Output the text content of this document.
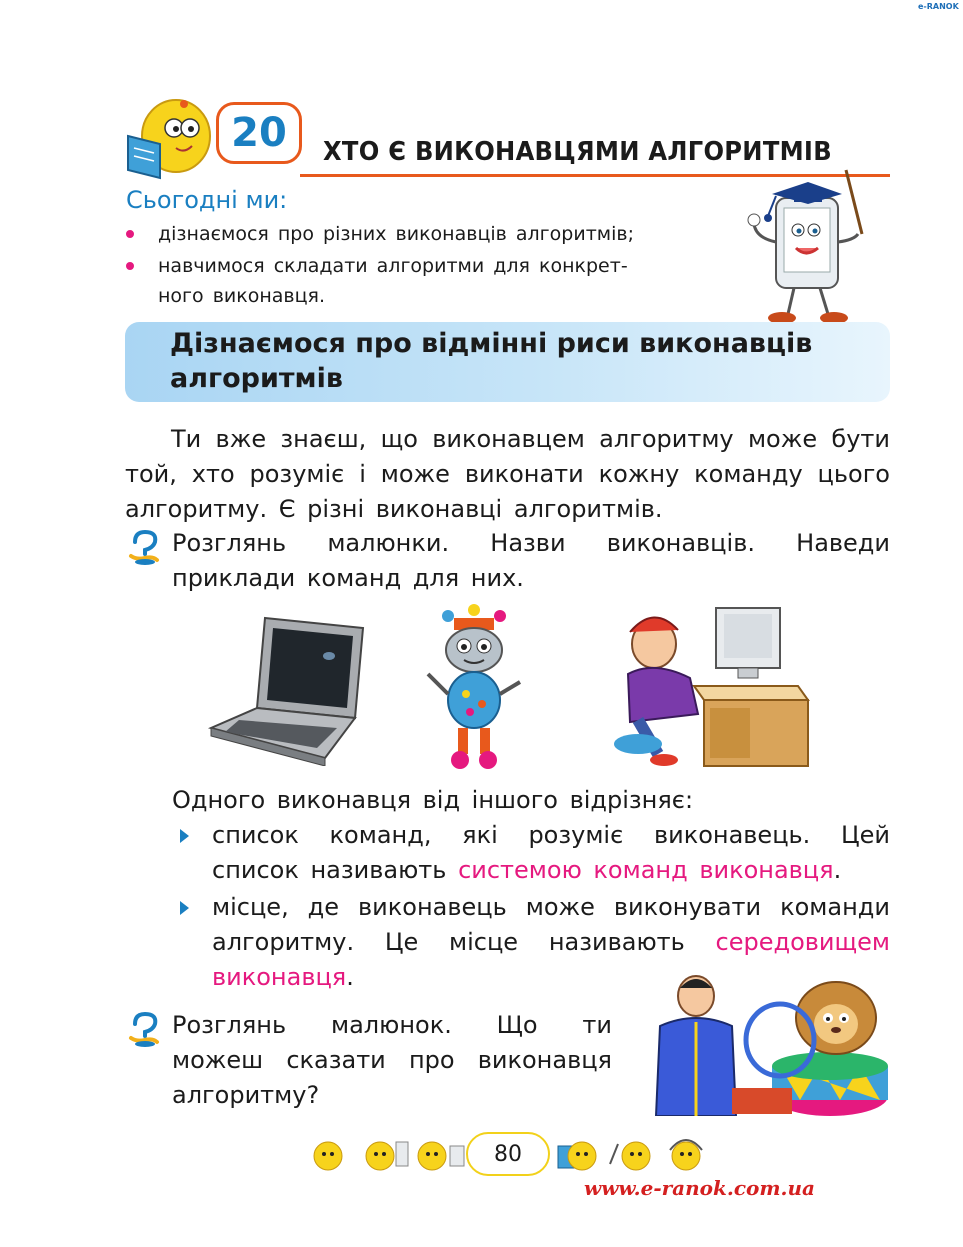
e-RANOK
20	ХТО Є ВИКОНАВЦЯМИ АЛГОРИТМІВ
Сьогодні ми:
дізнаємося про різних виконавців алгоритмів;
навчимося складати алгоритми для конкрет-
ного виконавця.
Дізнаємося про відмінні риси виконавців
алгоритмів
Ти вже знаєш, що виконавцем алгоритму може бути той, хто розуміє і може виконати кожну команду цього алгоритму. Є різні виконавці алгоритмів.
Розглянь малюнки. Назви виконавців. Наведи приклади команд для них.
Одного виконавця від іншого відрізняє:
список команд, які розуміє виконавець. Цей список називають системою команд виконавця.
місце, де виконавець може виконувати команди алгоритму. Це місце називають середовищем виконавця.
Розглянь малюнок. Що ти можеш сказати про виконавця алгоритму?
80
www.e-ranok.com.ua
